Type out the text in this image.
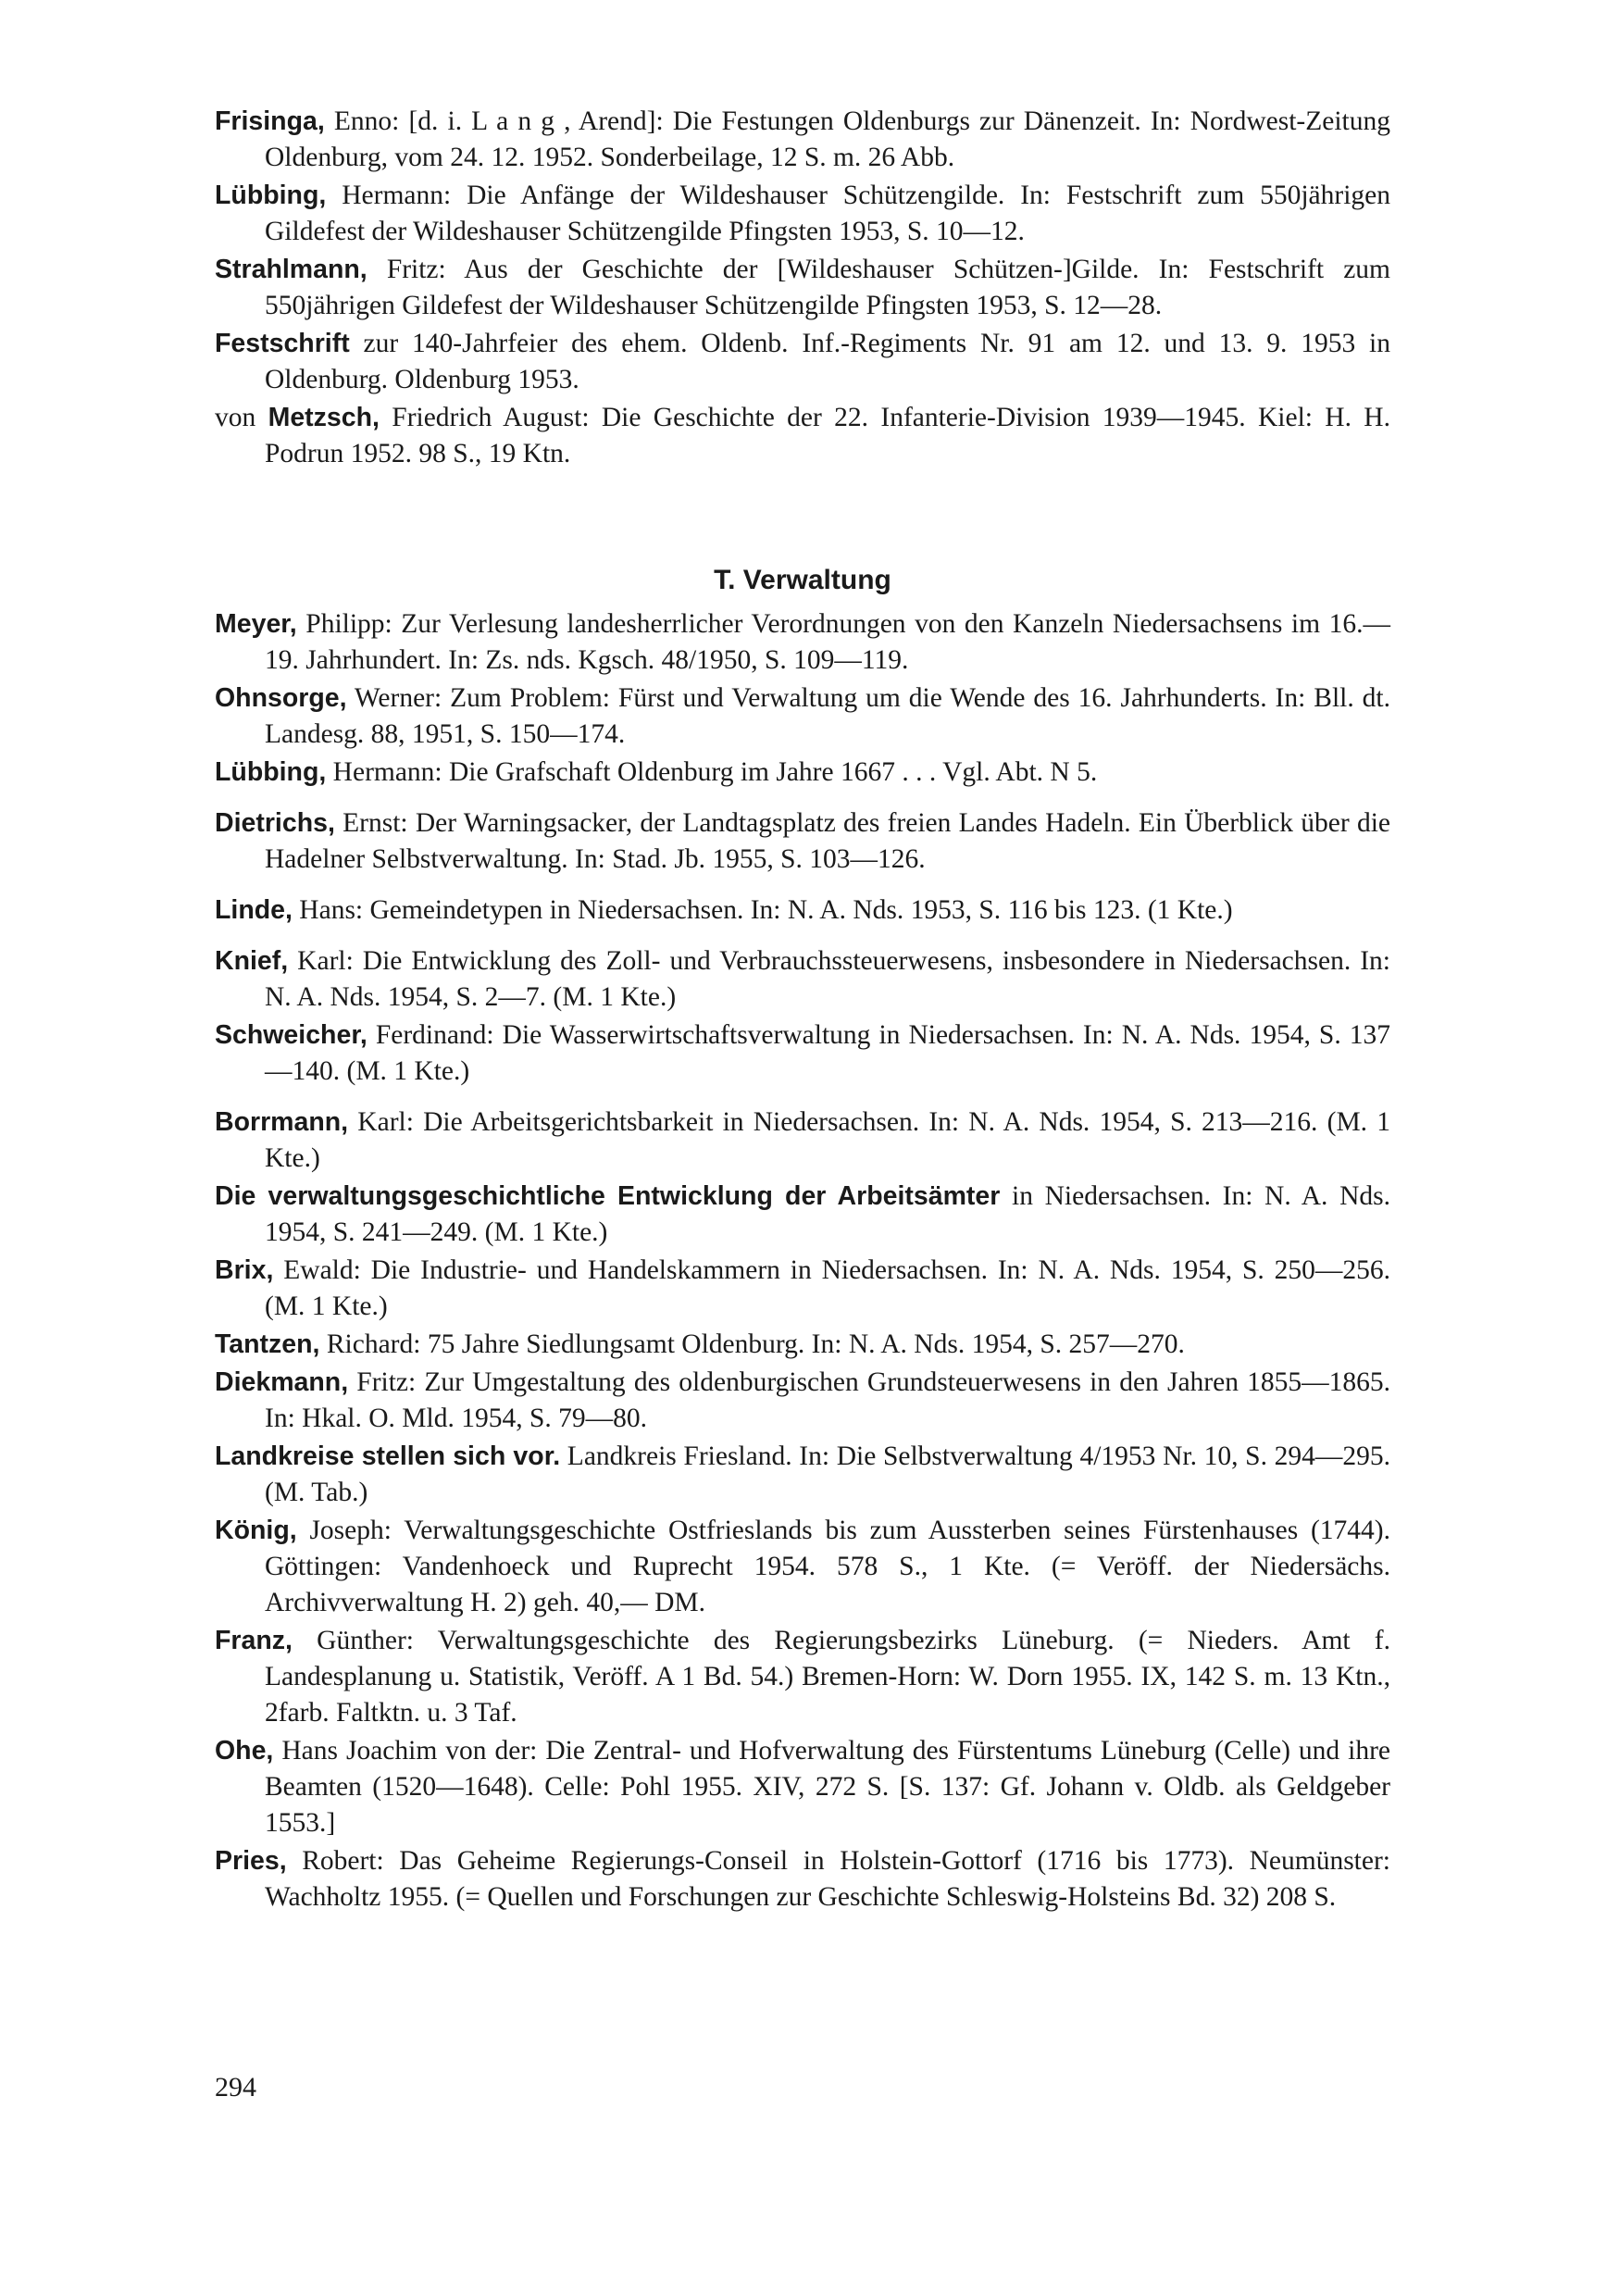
Frisinga, Enno: [d. i. L a n g , Arend]: Die Festungen Oldenburgs zur Dänenzeit. In: Nordwest-Zeitung Oldenburg, vom 24. 12. 1952. Sonderbeilage, 12 S. m. 26 Abb.

Lübbing, Hermann: Die Anfänge der Wildeshauser Schützengilde. In: Festschrift zum 550jährigen Gildefest der Wildeshauser Schützengilde Pfingsten 1953, S. 10—12.

Strahlmann, Fritz: Aus der Geschichte der [Wildeshauser Schützen-]Gilde. In: Festschrift zum 550jährigen Gildefest der Wildeshauser Schützengilde Pfingsten 1953, S. 12—28.

Festschrift zur 140-Jahrfeier des ehem. Oldenb. Inf.-Regiments Nr. 91 am 12. und 13. 9. 1953 in Oldenburg. Oldenburg 1953.

von Metzsch, Friedrich August: Die Geschichte der 22. Infanterie-Division 1939—1945. Kiel: H. H. Podrun 1952. 98 S., 19 Ktn.

T. Verwaltung

Meyer, Philipp: Zur Verlesung landesherrlicher Verordnungen von den Kanzeln Niedersachsens im 16.—19. Jahrhundert. In: Zs. nds. Kgsch. 48/1950, S. 109—119.

Ohnsorge, Werner: Zum Problem: Fürst und Verwaltung um die Wende des 16. Jahrhunderts. In: Bll. dt. Landesg. 88, 1951, S. 150—174.

Lübbing, Hermann: Die Grafschaft Oldenburg im Jahre 1667 . . . Vgl. Abt. N 5.

Dietrichs, Ernst: Der Warningsacker, der Landtagsplatz des freien Landes Hadeln. Ein Überblick über die Hadelner Selbstverwaltung. In: Stad. Jb. 1955, S. 103—126.

Linde, Hans: Gemeindetypen in Niedersachsen. In: N. A. Nds. 1953, S. 116 bis 123. (1 Kte.)

Knief, Karl: Die Entwicklung des Zoll- und Verbrauchssteuerwesens, insbesondere in Niedersachsen. In: N. A. Nds. 1954, S. 2—7. (M. 1 Kte.)

Schweicher, Ferdinand: Die Wasserwirtschaftsverwaltung in Niedersachsen. In: N. A. Nds. 1954, S. 137—140. (M. 1 Kte.)

Borrmann, Karl: Die Arbeitsgerichtsbarkeit in Niedersachsen. In: N. A. Nds. 1954, S. 213—216. (M. 1 Kte.)

Die verwaltungsgeschichtliche Entwicklung der Arbeitsämter in Niedersachsen. In: N. A. Nds. 1954, S. 241—249. (M. 1 Kte.)

Brix, Ewald: Die Industrie- und Handelskammern in Niedersachsen. In: N. A. Nds. 1954, S. 250—256. (M. 1 Kte.)

Tantzen, Richard: 75 Jahre Siedlungsamt Oldenburg. In: N. A. Nds. 1954, S. 257—270.

Diekmann, Fritz: Zur Umgestaltung des oldenburgischen Grundsteuerwesens in den Jahren 1855—1865. In: Hkal. O. Mld. 1954, S. 79—80.

Landkreise stellen sich vor. Landkreis Friesland. In: Die Selbstverwaltung 4/1953 Nr. 10, S. 294—295. (M. Tab.)

König, Joseph: Verwaltungsgeschichte Ostfrieslands bis zum Aussterben seines Fürstenhauses (1744). Göttingen: Vandenhoeck und Ruprecht 1954. 578 S., 1 Kte. (= Veröff. der Niedersächs. Archivverwaltung H. 2) geh. 40,— DM.

Franz, Günther: Verwaltungsgeschichte des Regierungsbezirks Lüneburg. (= Nieders. Amt f. Landesplanung u. Statistik, Veröff. A 1 Bd. 54.) Bremen-Horn: W. Dorn 1955. IX, 142 S. m. 13 Ktn., 2farb. Faltktn. u. 3 Taf.

Ohe, Hans Joachim von der: Die Zentral- und Hofverwaltung des Fürstentums Lüneburg (Celle) und ihre Beamten (1520—1648). Celle: Pohl 1955. XIV, 272 S. [S. 137: Gf. Johann v. Oldb. als Geldgeber 1553.]

Pries, Robert: Das Geheime Regierungs-Conseil in Holstein-Gottorf (1716 bis 1773). Neumünster: Wachholtz 1955. (= Quellen und Forschungen zur Geschichte Schleswig-Holsteins Bd. 32) 208 S.

294
